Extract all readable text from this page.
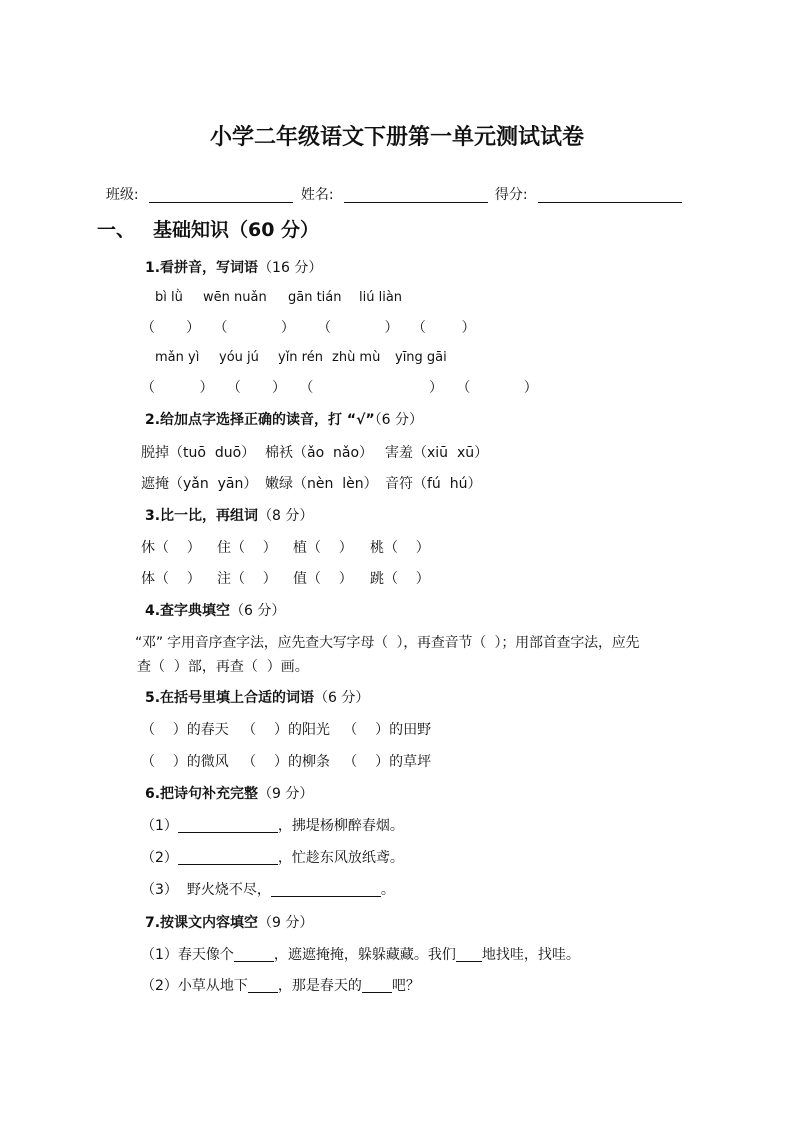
小学二年级语文下册第一单元测试试卷

班级:	姓名:	得分:

一、 基础知识（60 分）
1.看拼音，写词语（16 分）
bì lǜ wēn nuǎn gān tián liú liàn
（       ）   （            ）     （            ）   （        ）
mǎn yì yóu jú yǐn rén zhù mù yīng gāi
（          ）   （       ）   （                          ）   （            ）
2.给加点字选择正确的读音，打 “√”（6 分）
脱掉（tuō  duō） 棉袄（ǎo  nǎo） 害羞（xiū  xū）
遮掩（yǎn  yān） 嫩绿（nèn  lèn） 音符（fú  hú）
3.比一比，再组词（8 分）
休（    ） 住（    ） 植（    ） 桃（    ）
体（    ） 注（    ） 值（    ） 跳（    ）
4.查字典填空（6 分）
“邓” 字用音序查字法，应先查大写字母（  ），再查音节（  ）；用部首查字法，应先
查（  ）部，再查（  ）画。
5.在括号里填上合适的词语（6 分）
（    ）的春天   （    ）的阳光   （    ）的田野
（    ）的微风   （    ）的柳条   （    ）的草坪
6.把诗句补充完整（9 分）
（1）	，拂堤杨柳醉春烟。
（2）	，忙趁东风放纸鸢。
（3）  野火烧不尽，	。
7.按课文内容填空（9 分）
（1）春天像个	，遮遮掩掩，躲躲藏藏。我们 地找哇，找哇。
（2）小草从地下 ，那是春天的 吧？
